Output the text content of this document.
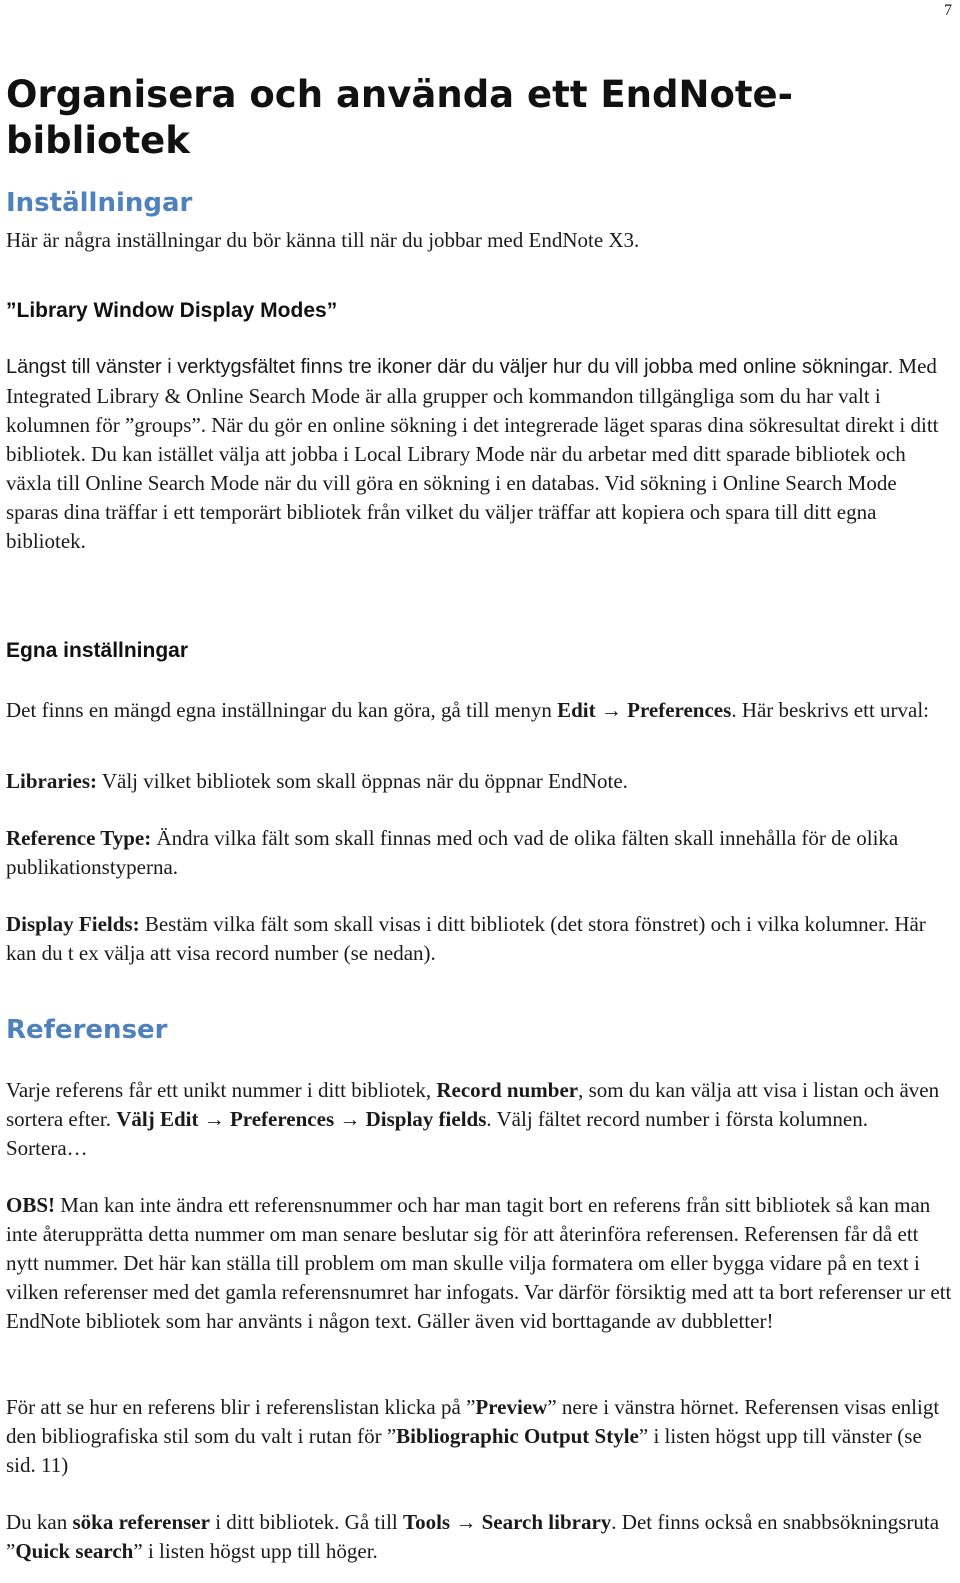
7
Organisera och använda ett EndNote-bibliotek
Inställningar

Här är några inställningar du bör känna till när du jobbar med EndNote X3.

”Library Window Display Modes”

Längst till vänster i verktygsfältet finns tre ikoner där du väljer hur du vill jobba med online sökningar. Med Integrated Library & Online Search Mode är alla grupper och kommandon tillgängliga som du har valt i kolumnen för ”groups”. När du gör en online sökning i det integrerade läget sparas dina sökresultat direkt i ditt bibliotek. Du kan istället välja att jobba i Local Library Mode när du arbetar med ditt sparade bibliotek och växla till Online Search Mode när du vill göra en sökning i en databas. Vid sökning i Online Search Mode sparas dina träffar i ett temporärt bibliotek från vilket du väljer träffar att kopiera och spara till ditt egna bibliotek.

Egna inställningar

Det finns en mängd egna inställningar du kan göra, gå till menyn Edit → Preferences. Här beskrivs ett urval:

Libraries: Välj vilket bibliotek som skall öppnas när du öppnar EndNote.

Reference Type: Ändra vilka fält som skall finnas med och vad de olika fälten skall innehålla för de olika publikationstyperna.

Display Fields: Bestäm vilka fält som skall visas i ditt bibliotek (det stora fönstret) och i vilka kolumner. Här kan du t ex välja att visa record number (se nedan).

Referenser

Varje referens får ett unikt nummer i ditt bibliotek, Record number, som du kan välja att visa i listan och även sortera efter. Välj Edit → Preferences → Display fields. Välj fältet record number i första kolumnen. Sortera…

OBS! Man kan inte ändra ett referensnummer och har man tagit bort en referens från sitt bibliotek så kan man inte återupprätta detta nummer om man senare beslutar sig för att återinföra referensen. Referensen får då ett nytt nummer. Det här kan ställa till problem om man skulle vilja formatera om eller bygga vidare på en text i vilken referenser med det gamla referensnumret har infogats. Var därför försiktig med att ta bort referenser ur ett EndNote bibliotek som har använts i någon text. Gäller även vid borttagande av dubbletter!

För att se hur en referens blir i referenslistan klicka på ”Preview” nere i vänstra hörnet. Referensen visas enligt den bibliografiska stil som du valt i rutan för ”Bibliographic Output Style” i listen högst upp till vänster (se sid. 11)

Du kan söka referenser i ditt bibliotek. Gå till Tools → Search library. Det finns också en snabbsökningsruta ”Quick search” i listen högst upp till höger.
